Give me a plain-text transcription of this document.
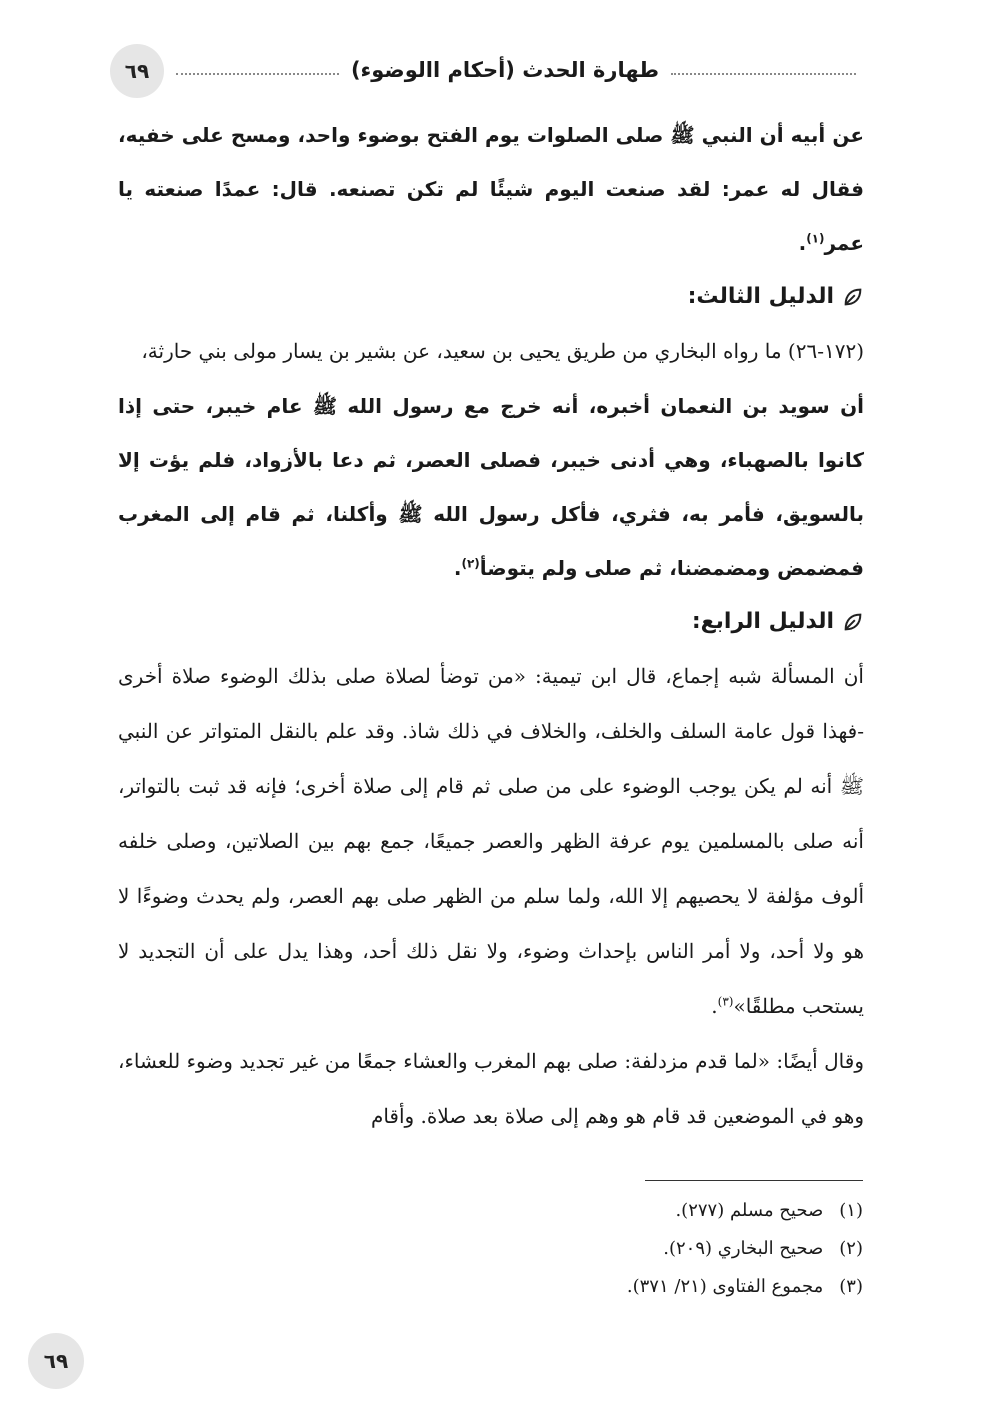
٦٩	طهارة الحدث (أحكام االوضوء)

عن أبيه أن النبي ﷺ صلى الصلوات يوم الفتح بوضوء واحد، ومسح على خفيه، فقال له عمر: لقد صنعت اليوم شيئًا لم تكن تصنعه. قال: عمدًا صنعته يا عمر$^{(١)}$.

الدليل الثالث:

(١٧٢-٢٦) ما رواه البخاري من طريق يحيى بن سعيد، عن بشير بن يسار مولى بني حارثة،

أن سويد بن النعمان أخبره، أنه خرج مع رسول الله ﷺ عام خيبر، حتى إذا كانوا بالصهباء، وهي أدنى خيبر، فصلى العصر، ثم دعا بالأزواد، فلم يؤت إلا بالسويق، فأمر به، فثري، فأكل رسول الله ﷺ وأكلنا، ثم قام إلى المغرب فمضمض ومضمضنا، ثم صلى ولم يتوضأ$^{(٢)}$.

الدليل الرابع:

أن المسألة شبه إجماع، قال ابن تيمية: «من توضأ لصلاة صلى بذلك الوضوء صلاة أخرى -فهذا قول عامة السلف والخلف، والخلاف في ذلك شاذ. وقد علم بالنقل المتواتر عن النبي ﷺ أنه لم يكن يوجب الوضوء على من صلى ثم قام إلى صلاة أخرى؛ فإنه قد ثبت بالتواتر، أنه صلى بالمسلمين يوم عرفة الظهر والعصر جميعًا، جمع بهم بين الصلاتين، وصلى خلفه ألوف مؤلفة لا يحصيهم إلا الله، ولما سلم من الظهر صلى بهم العصر، ولم يحدث وضوءًا لا هو ولا أحد، ولا أمر الناس بإحداث وضوء، ولا نقل ذلك أحد، وهذا يدل على أن التجديد لا يستحب مطلقًا»$^{(٣)}$.

وقال أيضًا: «لما قدم مزدلفة: صلى بهم المغرب والعشاء جمعًا من غير تجديد وضوء للعشاء، وهو في الموضعين قد قام هو وهم إلى صلاة بعد صلاة. وأقام

(١)
صحيح مسلم (٢٧٧).
(٢)
صحيح البخاري (٢٠٩).
(٣)
مجموع الفتاوى (٢١/ ٣٧١).
٦٩
